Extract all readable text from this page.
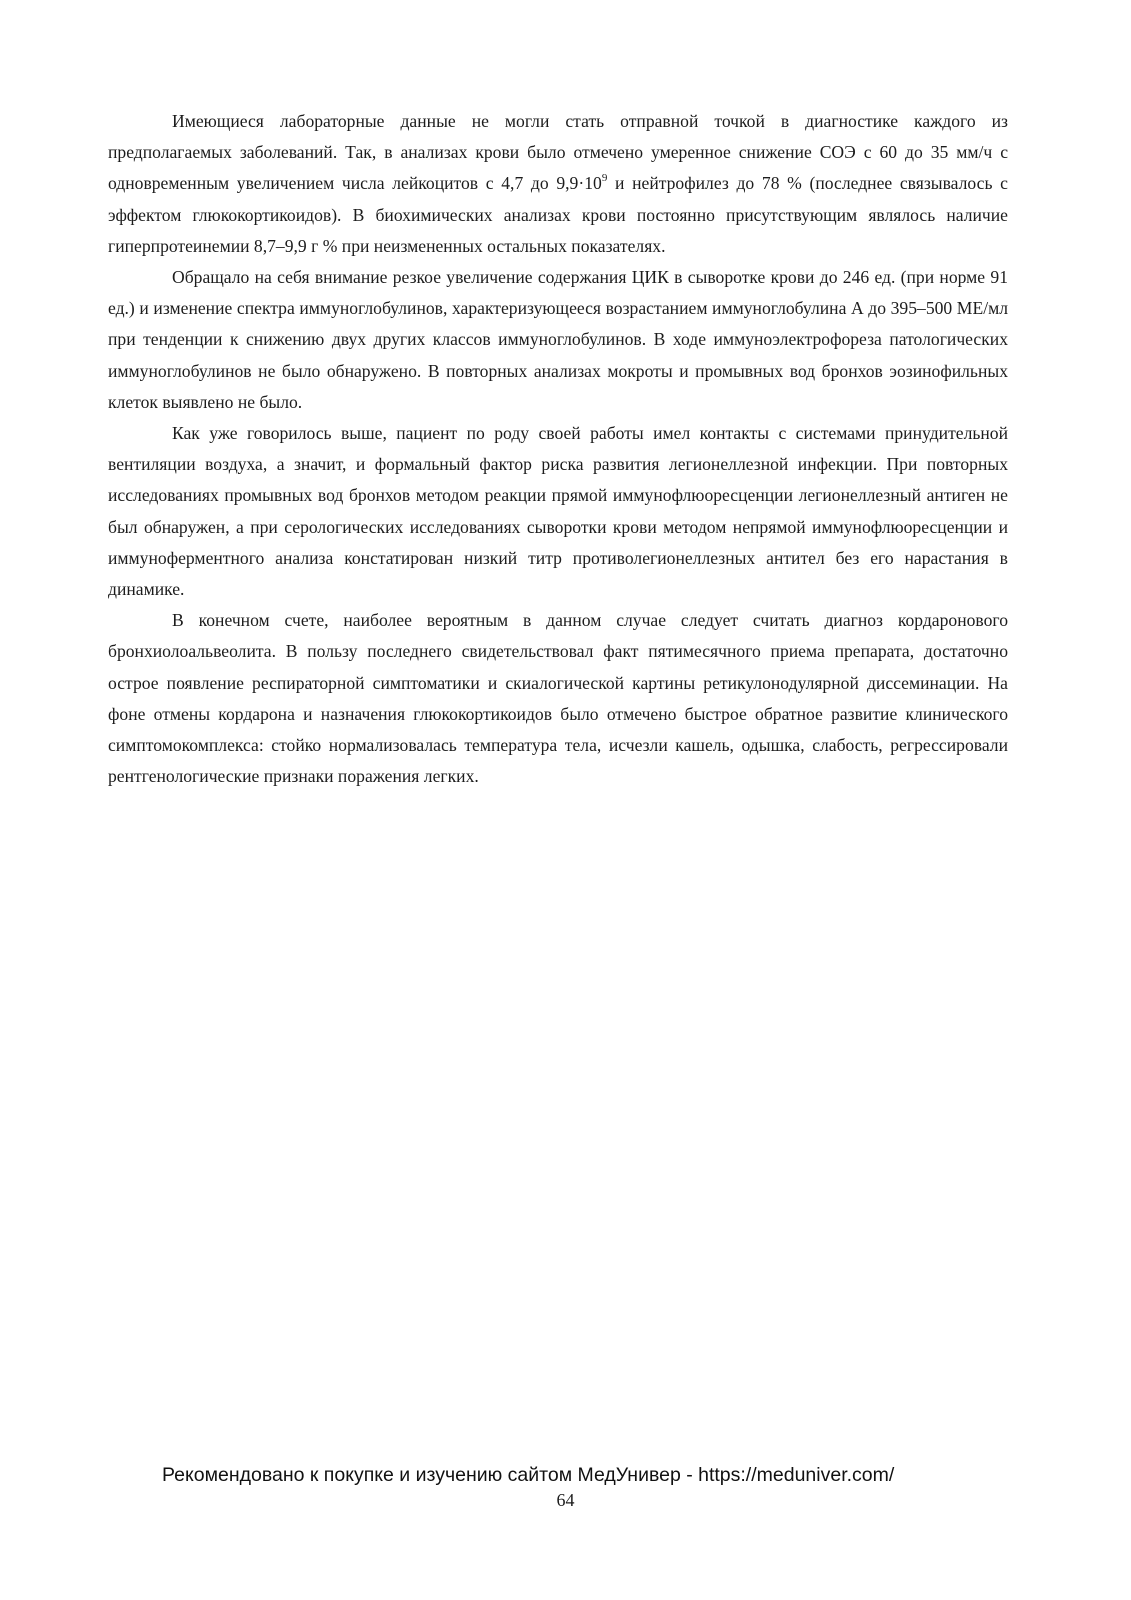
Имеющиеся лабораторные данные не могли стать отправной точкой в диагностике каждого из предполагаемых заболеваний. Так, в анализах крови было отмечено умеренное снижение СОЭ с 60 до 35 мм/ч с одновременным увеличением числа лейкоцитов с 4,7 до $9,9\cdot 10^9$ и нейтрофилез до 78 % (последнее связывалось с эффектом глюкокортикоидов). В биохимических анализах крови постоянно присутствующим являлось наличие гиперпротеинемии 8,7–9,9 г % при неизмененных остальных показателях.

Обращало на себя внимание резкое увеличение содержания ЦИК в сыворотке крови до 246 ед. (при норме 91 ед.) и изменение спектра иммуноглобулинов, характеризующееся возрастанием иммуноглобулина А до 395–500 МЕ/мл при тенденции к снижению двух других классов иммуноглобулинов. В ходе иммуноэлектрофореза патологических иммуноглобулинов не было обнаружено. В повторных анализах мокроты и промывных вод бронхов эозинофильных клеток выявлено не было.

Как уже говорилось выше, пациент по роду своей работы имел контакты с системами принудительной вентиляции воздуха, а значит, и формальный фактор риска развития легионеллезной инфекции. При повторных исследованиях промывных вод бронхов методом реакции прямой иммунофлюоресценции легионеллезный антиген не был обнаружен, а при серологических исследованиях сыворотки крови методом непрямой иммунофлюоресценции и иммуноферментного анализа констатирован низкий титр противолегионеллезных антител без его нарастания в динамике.

В конечном счете, наиболее вероятным в данном случае следует считать диагноз кордаронового бронхиолоальвеолита. В пользу последнего свидетельствовал факт пятимесячного приема препарата, достаточно острое появление респираторной симптоматики и скиалогической картины ретикулонодулярной диссеминации. На фоне отмены кордарона и назначения глюкокортикоидов было отмечено быстрое обратное развитие клинического симптомокомплекса: стойко нормализовалась температура тела, исчезли кашель, одышка, слабость, регрессировали рентгенологические признаки поражения легких.

Рекомендовано к покупке и изучению сайтом МедУнивер - https://meduniver.com/
64
